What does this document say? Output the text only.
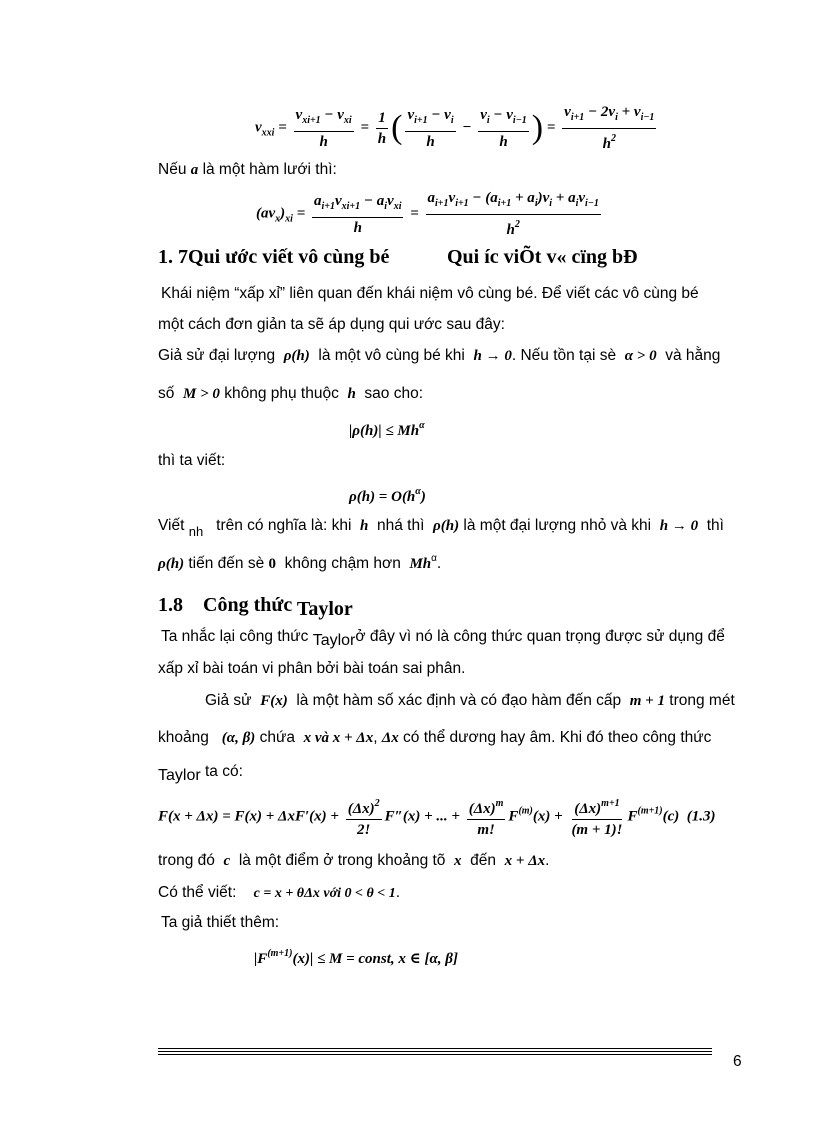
$v_{xxi} = \frac{v_{xi+1} - v_{xi}}{h} = \frac{1}{h}$ ( $\frac{v_{i+1} - v_i}{h} - \frac{v_i - v_{i-1}}{h}$ ) = $\frac{v_{i+1} - 2v_i + v_{i-1}}{h^2}$
Nếu a là một hàm lưới thì:
$(av_x)_{xi} = \frac{a_{i+1}v_{xi+1} - a_iv_{xi}}{h} = \frac{a_{i+1}v_{i+1} - (a_{i+1} + a_i)v_i + a_iv_{i-1}}{h^2}$
1. 7Qui ước viết vô cùng bé	Qui íc viÕt v« cïng bÐ
Khái niệm “xấp xỉ” liên quan đến khái niệm vô cùng bé. Để viết các vô cùng bé
một cách đơn giản ta sẽ áp dụng qui ước sau đây:
Giả sử đại lượng ρ(h) là một vô cùng bé khi h → 0. Nếu tồn tại sè α > 0 và hằng
số M > 0 không phụ thuộc h sao cho:
$|\rho(h)| \le Mh^\alpha$
thì ta viết:
$\rho(h) = O(h^\alpha)$
Viết $_{nh}$ trên có nghĩa là: khi h nhá thì ρ(h) là một đại lượng nhỏ và khi h → 0 thì
ρ(h) tiến đến sè 0 không chậm hơn $Mh^\alpha$.
1.8 Công thức Taylor
Ta nhắc lại công thức Taylorở đây vì nó là công thức quan trọng được sử dụng để
xấp xỉ bài toán vi phân bởi bài toán sai phân.
Giả sử F(x) là một hàm số xác định và có đạo hàm đến cấp m + 1 trong mét
khoảng (α, β) chứa x và x + Δx, Δx có thể dương hay âm. Khi đó theo công thức
Taylor ta có:
$F(x + \Delta x) = F(x) + \Delta xF'(x) + \frac{(\Delta x)^2}{2!} F''(x)$ + ... + $\frac{(\Delta x)^m}{m!} F^{(m)}(x) + \frac{(\Delta x)^{m+1}}{(m + 1)!} F^{(m+1)}(c)$ (1.3)
trong đó c là một điểm ở trong khoảng tõ x đến x + Δx.
Có thể viết: c = x + θΔx với 0 < θ < 1.
Ta giả thiết thêm:
$|F^{(m+1)}(x)| \le M$ = const, x ∈ [α, β]
6
